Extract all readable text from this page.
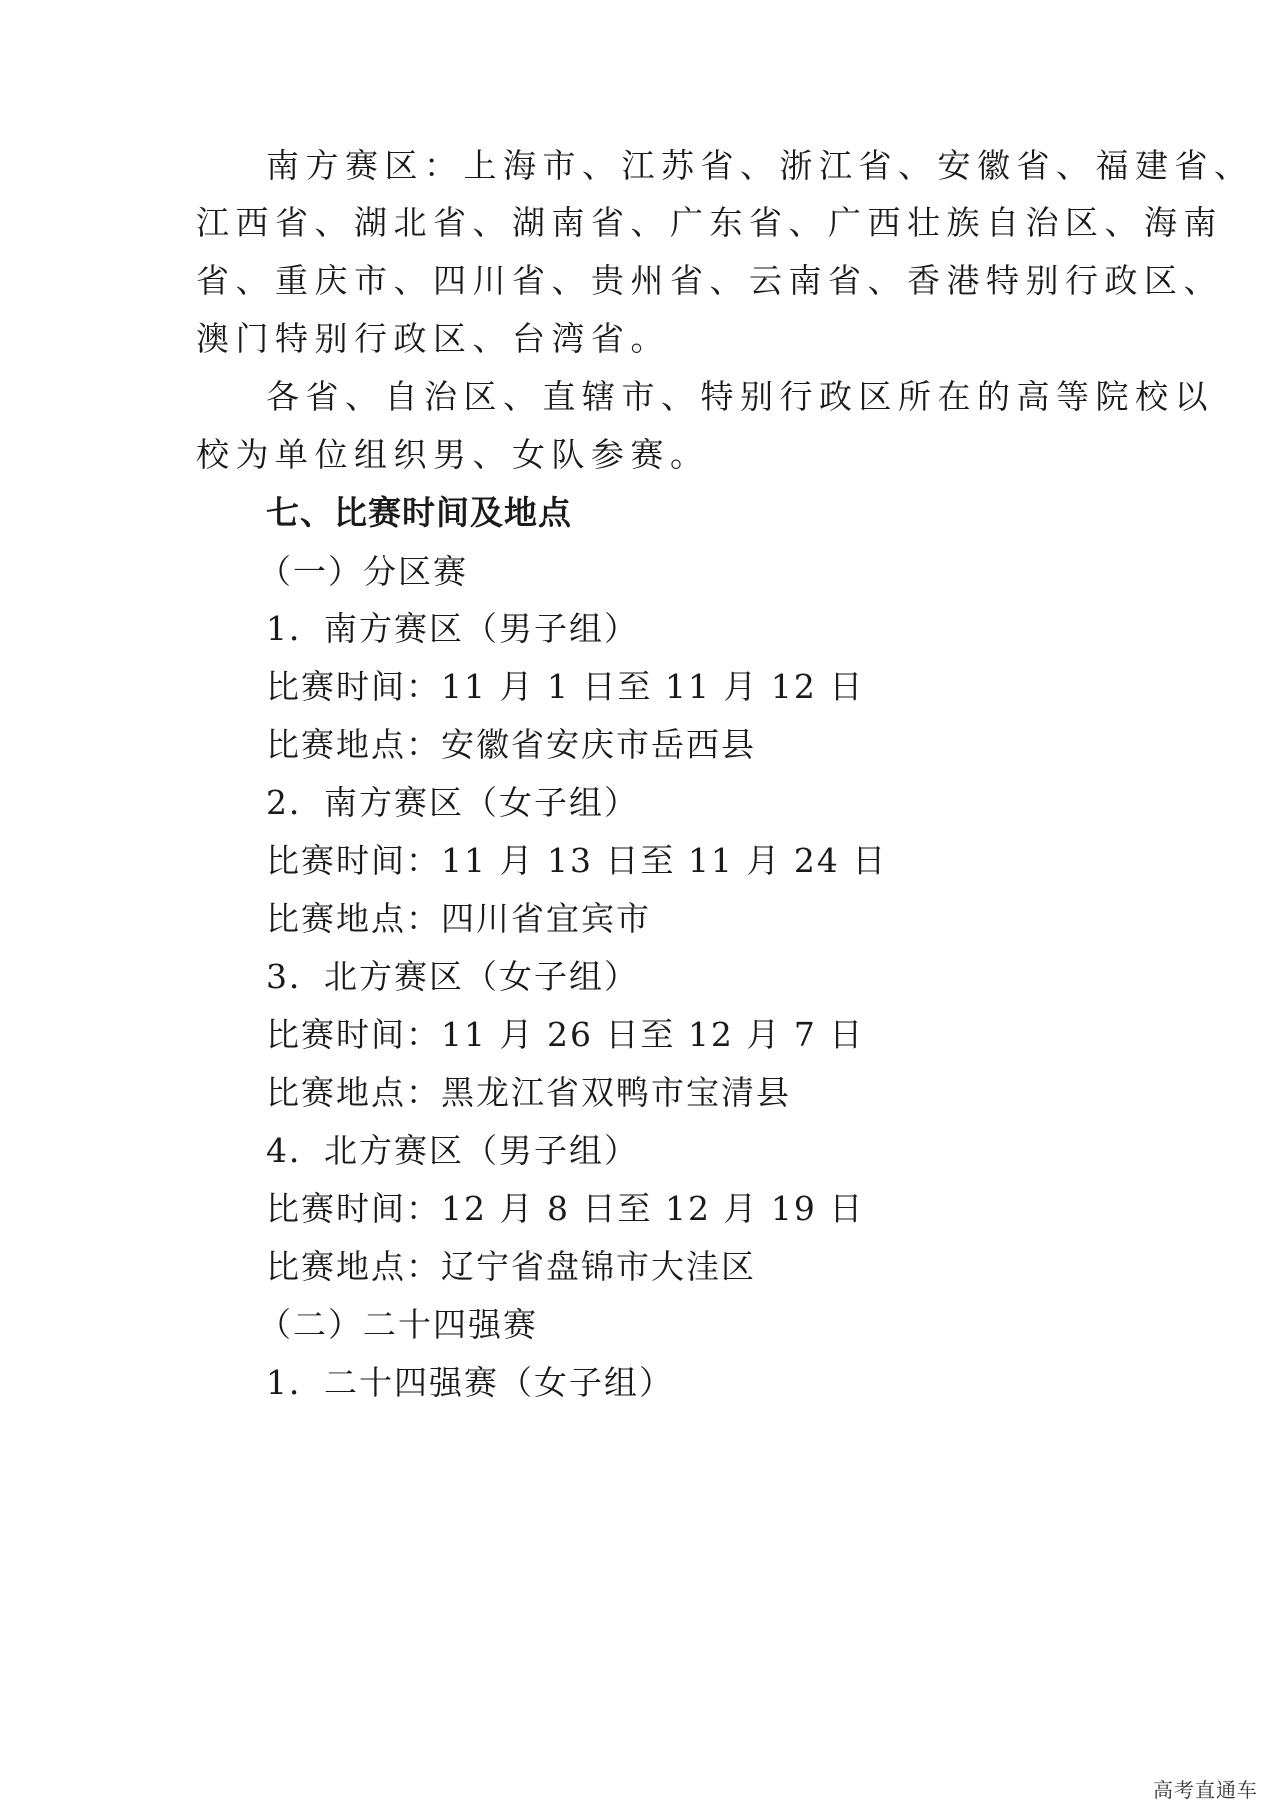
南方赛区：上海市、江苏省、浙江省、安徽省、福建省、
江西省、湖北省、湖南省、广东省、广西壮族自治区、海南
省、重庆市、四川省、贵州省、云南省、香港特别行政区、
澳门特别行政区、台湾省。
各省、自治区、直辖市、特别行政区所在的高等院校以
校为单位组织男、女队参赛。
七、比赛时间及地点
（一）分区赛
1．南方赛区（男子组）
比赛时间：11 月 1 日至 11 月 12 日
比赛地点：安徽省安庆市岳西县
2．南方赛区（女子组）
比赛时间：11 月 13 日至 11 月 24 日
比赛地点：四川省宜宾市
3．北方赛区（女子组）
比赛时间：11 月 26 日至 12 月 7 日
比赛地点：黑龙江省双鸭市宝清县
4．北方赛区（男子组）
比赛时间：12 月 8 日至 12 月 19 日
比赛地点：辽宁省盘锦市大洼区
（二）二十四强赛
1．二十四强赛（女子组）
高考直通车
